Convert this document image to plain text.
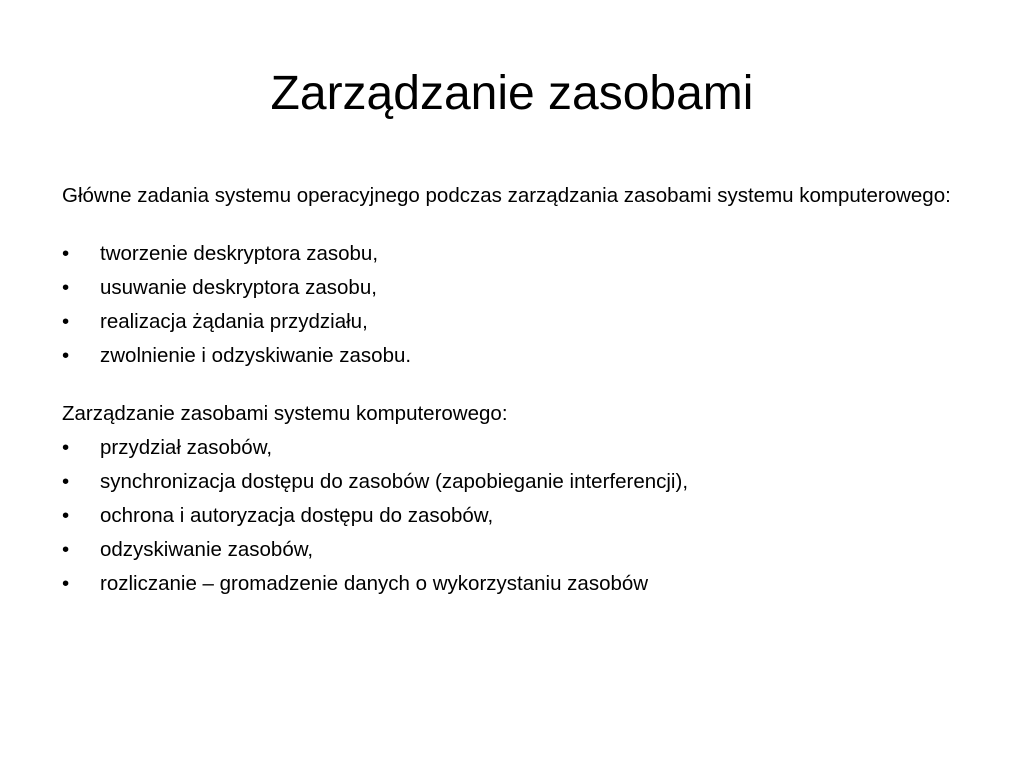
Zarządzanie zasobami

Główne zadania systemu operacyjnego podczas zarządzania zasobami systemu komputerowego:

•	tworzenie deskryptora zasobu,
•	usuwanie deskryptora zasobu,
•	realizacja żądania przydziału,
•	zwolnienie i odzyskiwanie zasobu.

Zarządzanie zasobami systemu komputerowego:

•	przydział zasobów,
•	synchronizacja dostępu do zasobów (zapobieganie interferencji),
•	ochrona i autoryzacja dostępu do zasobów,
•	odzyskiwanie zasobów,
•	rozliczanie – gromadzenie danych o wykorzystaniu zasobów
